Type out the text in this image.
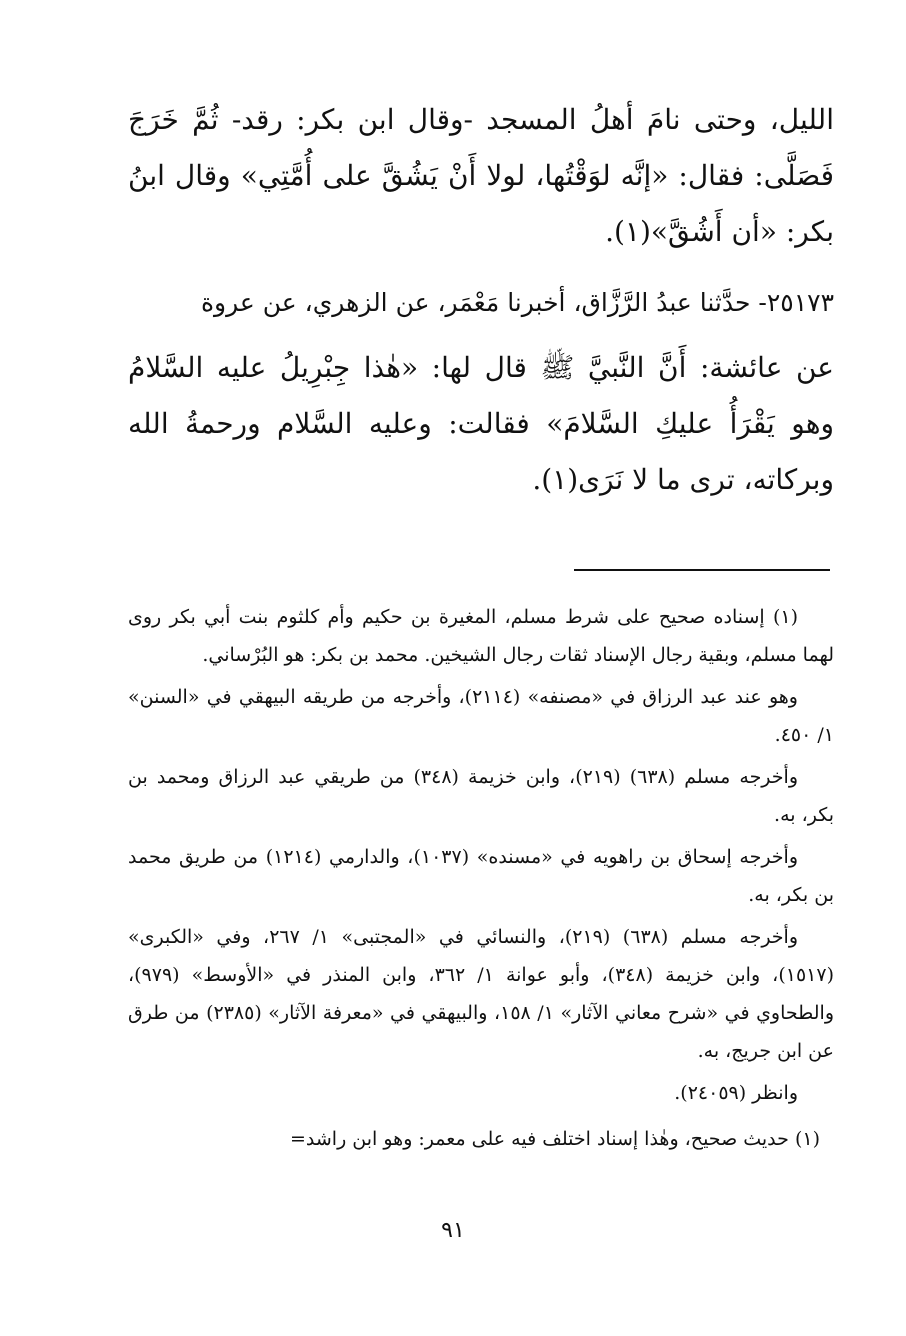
الليل، وحتى نامَ أهلُ المسجد -وقال ابن بكر: رقد- ثُمَّ خَرَجَ فَصَلَّى: فقال: «إنَّه لوَقْتُها، لولا أَنْ يَشُقَّ على أُمَّتِي» وقال ابنُ بكر: «أن أَشُقَّ»(١).

٢٥١٧٣- حدَّثنا عبدُ الرَّزَّاق، أخبرنا مَعْمَر، عن الزهري، عن عروة

عن عائشة: أَنَّ النَّبيَّ ﷺ قال لها: «هٰذا جِبْرِيلُ عليه السَّلامُ وهو يَقْرَأُ عليكِ السَّلامَ» فقالت: وعليه السَّلام ورحمةُ الله وبركاته، ترى ما لا نَرَى(١).

(١) إسناده صحيح على شرط مسلم، المغيرة بن حكيم وأم كلثوم بنت أبي بكر روى لهما مسلم، وبقية رجال الإسناد ثقات رجال الشيخين. محمد بن بكر: هو البُرْساني.

وهو عند عبد الرزاق في «مصنفه» (٢١١٤)، وأخرجه من طريقه البيهقي في «السنن» ١/ ٤٥٠.

وأخرجه مسلم (٦٣٨) (٢١٩)، وابن خزيمة (٣٤٨) من طريقي عبد الرزاق ومحمد بن بكر، به.

وأخرجه إسحاق بن راهويه في «مسنده» (١٠٣٧)، والدارمي (١٢١٤) من طريق محمد بن بكر، به.

وأخرجه مسلم (٦٣٨) (٢١٩)، والنسائي في «المجتبى» ١/ ٢٦٧، وفي «الكبرى» (١٥١٧)، وابن خزيمة (٣٤٨)، وأبو عوانة ١/ ٣٦٢، وابن المنذر في «الأوسط» (٩٧٩)، والطحاوي في «شرح معاني الآثار» ١/ ١٥٨، والبيهقي في «معرفة الآثار» (٢٣٨٥) من طرق عن ابن جريج، به.

وانظر (٢٤٠٥٩).

(١) حديث صحيح، وهٰذا إسناد اختلف فيه على معمر: وهو ابن راشد=

٩١
